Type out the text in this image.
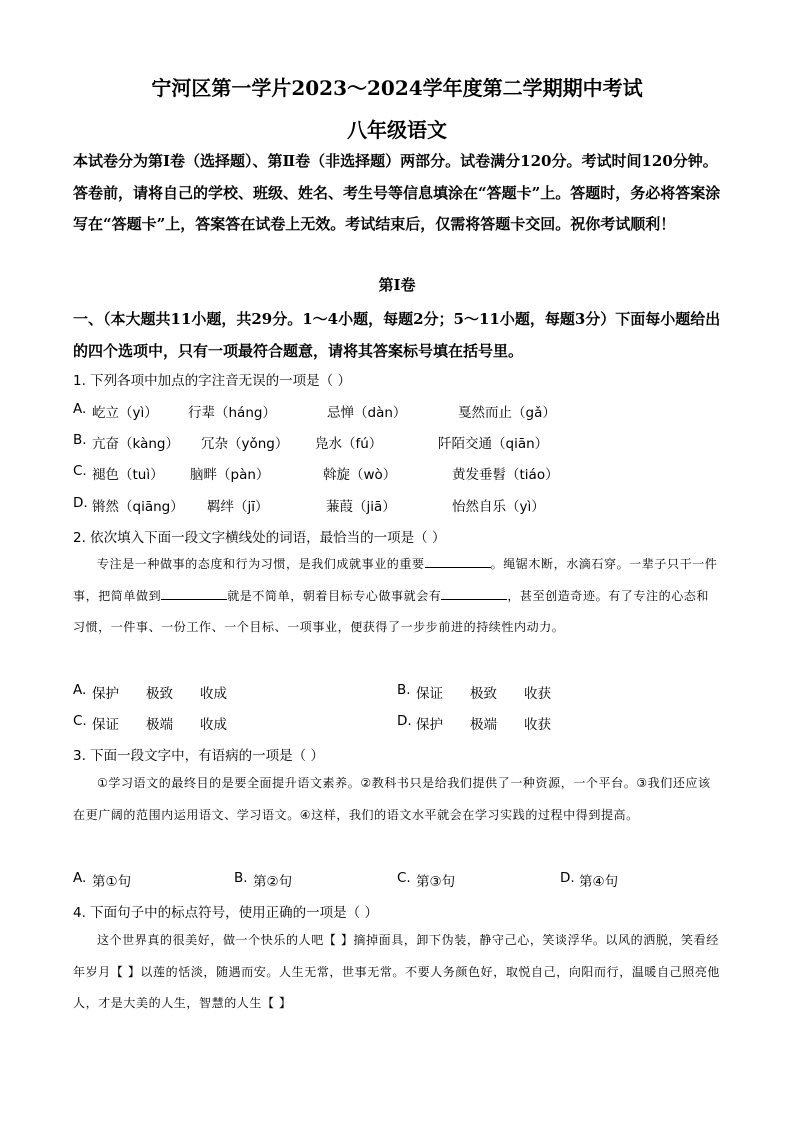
宁河区第一学片2023～2024学年度第二学期期中考试
八年级语文
本试卷分为第Ⅰ卷（选择题）、第Ⅱ卷（非选择题）两部分。试卷满分120分。考试时间120分钟。答卷前，请将自己的学校、班级、姓名、考生号等信息填涂在“答题卡”上。答题时，务必将答案涂写在“答题卡”上，答案答在试卷上无效。考试结束后，仅需将答题卡交回。祝你考试顺利！
第Ⅰ卷
一、（本大题共11小题，共29分。1～4小题，每题2分；5～11小题，每题3分）下面每小题给出的四个选项中，只有一项最符合题意，请将其答案标号填在括号里。
1. 下列各项中加点的字注音无误的一项是（ ）
A. 屹立（yì） 行辈（háng）	忌惮（dàn）	戛然而止（gǎ）
B. 亢奋（kàng） 冗杂（yǒng） 凫水（fú）	阡陌交通（qiān）
C. 褪色（tuì） 脑畔（pàn）	斡旋（wò）	黄发垂髫（tiáo）
D. 锵然（qiāng） 羁绊（jī）	蒹葭（jiā）	怡然自乐（yì）
2. 依次填入下面一段文字横线处的词语，最恰当的一项是（ ）
专注是一种做事的态度和行为习惯，是我们成就事业的重要	。绳锯木断，水滴石穿。一辈子只干一件事，把简单做到	就是不简单，朝着目标专心做事就会有	，甚至创造奇迹。有了专注的心态和习惯，一件事、一份工作、一个目标、一项事业，便获得了一步步前进的持续性内动力。
A. 保护　　极致　　收成	B. 保证　　极致　　收获
C. 保证　　极端　　收成	D. 保护　　极端　　收获
3. 下面一段文字中，有语病的一项是（ ）
①学习语文的最终目的是要全面提升语文素养。②教科书只是给我们提供了一种资源，一个平台。③我们还应该在更广阔的范围内运用语文、学习语文。④这样，我们的语文水平就会在学习实践的过程中得到提高。
A. 第①句	B. 第②句	C. 第③句	D. 第④句
4. 下面句子中的标点符号，使用正确的一项是（ ）
这个世界真的很美好，做一个快乐的人吧【 】摘掉面具，卸下伪装，静守己心，笑谈浮华。以风的洒脱，笑看经年岁月【 】以莲的恬淡，随遇而安。人生无常，世事无常。不要人务颜色好，取悦自己，向阳而行，温暖自己照亮他人，才是大美的人生，智慧的人生【 】
